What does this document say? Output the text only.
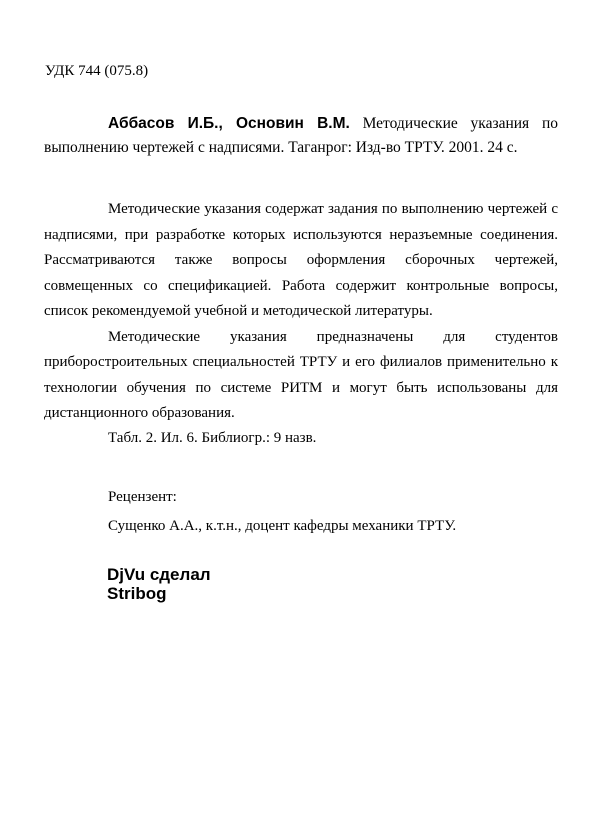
УДК 744 (075.8)
Аббасов И.Б., Основин В.М. Методические указания по выполнению чертежей с надписями. Таганрог: Изд-во ТРТУ. 2001. 24 с.

Методические указания содержат задания по выполнению чертежей с надписями, при разработке которых используются неразъемные соединения. Рассматриваются также вопросы оформления сборочных чертежей, совмещенных со спецификацией. Работа содержит контрольные вопросы, список рекомендуемой учебной и методической литературы.

Методические указания предназначены для студентов приборостроительных специальностей ТРТУ и его филиалов применительно к технологии обучения по системе РИТМ и могут быть использованы для дистанционного образования.

Табл. 2. Ил. 6. Библиогр.: 9 назв.
Рецензент:
Сущенко А.А., к.т.н., доцент кафедры механики ТРТУ.
DjVu сделал
Stribog
